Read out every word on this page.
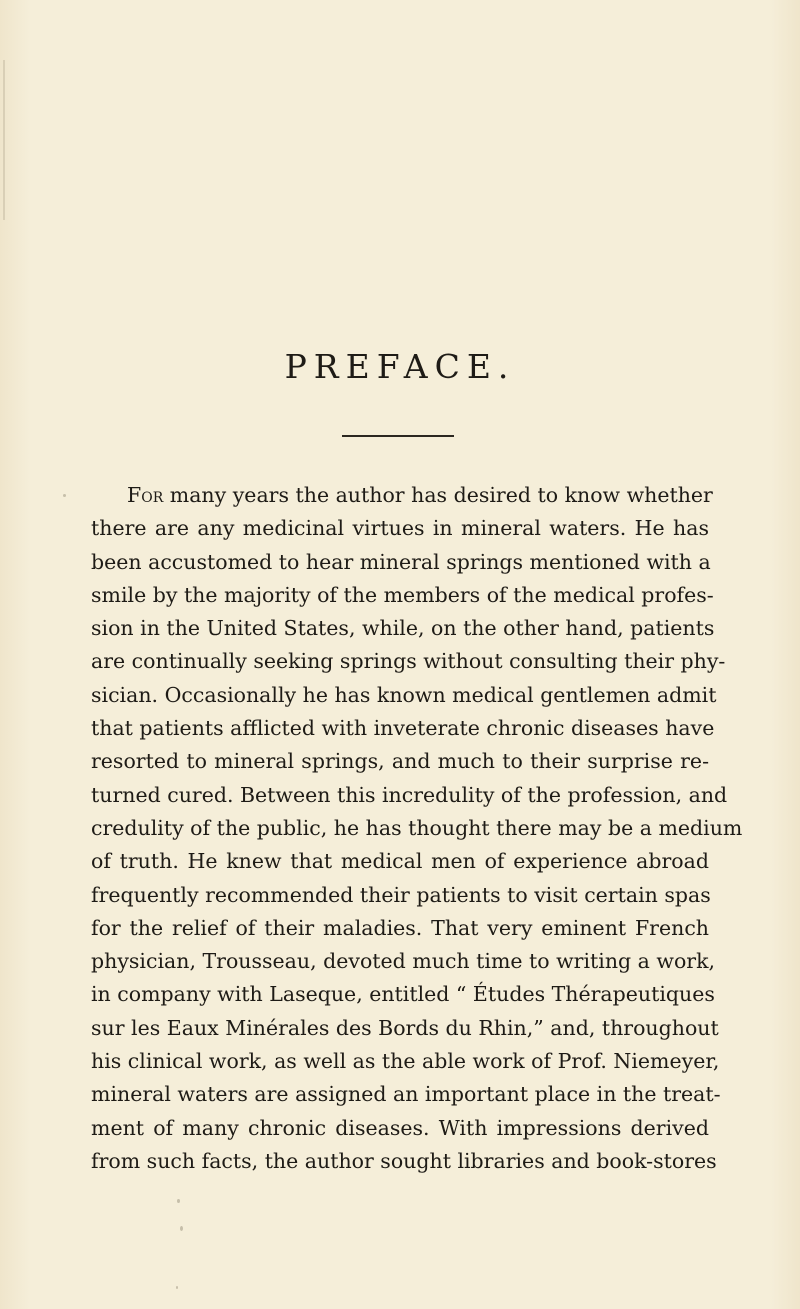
PREFACE.
For many years the author has desired to know whether
there are any medicinal virtues in mineral waters. He has
been accustomed to hear mineral springs mentioned with a
smile by the majority of the members of the medical profes-
sion in the United States, while, on the other hand, patients
are continually seeking springs without consulting their phy-
sician. Occasionally he has known medical gentlemen admit
that patients afflicted with inveterate chronic diseases have
resorted to mineral springs, and much to their surprise re-
turned cured. Between this incredulity of the profession, and
credulity of the public, he has thought there may be a medium
of truth. He knew that medical men of experience abroad
frequently recommended their patients to visit certain spas
for the relief of their maladies. That very eminent French
physician, Trousseau, devoted much time to writing a work,
in company with Laseque, entitled “ Études Thérapeutiques
sur les Eaux Minérales des Bords du Rhin,” and, throughout
his clinical work, as well as the able work of Prof. Niemeyer,
mineral waters are assigned an important place in the treat-
ment of many chronic diseases. With impressions derived
from such facts, the author sought libraries and book-stores
